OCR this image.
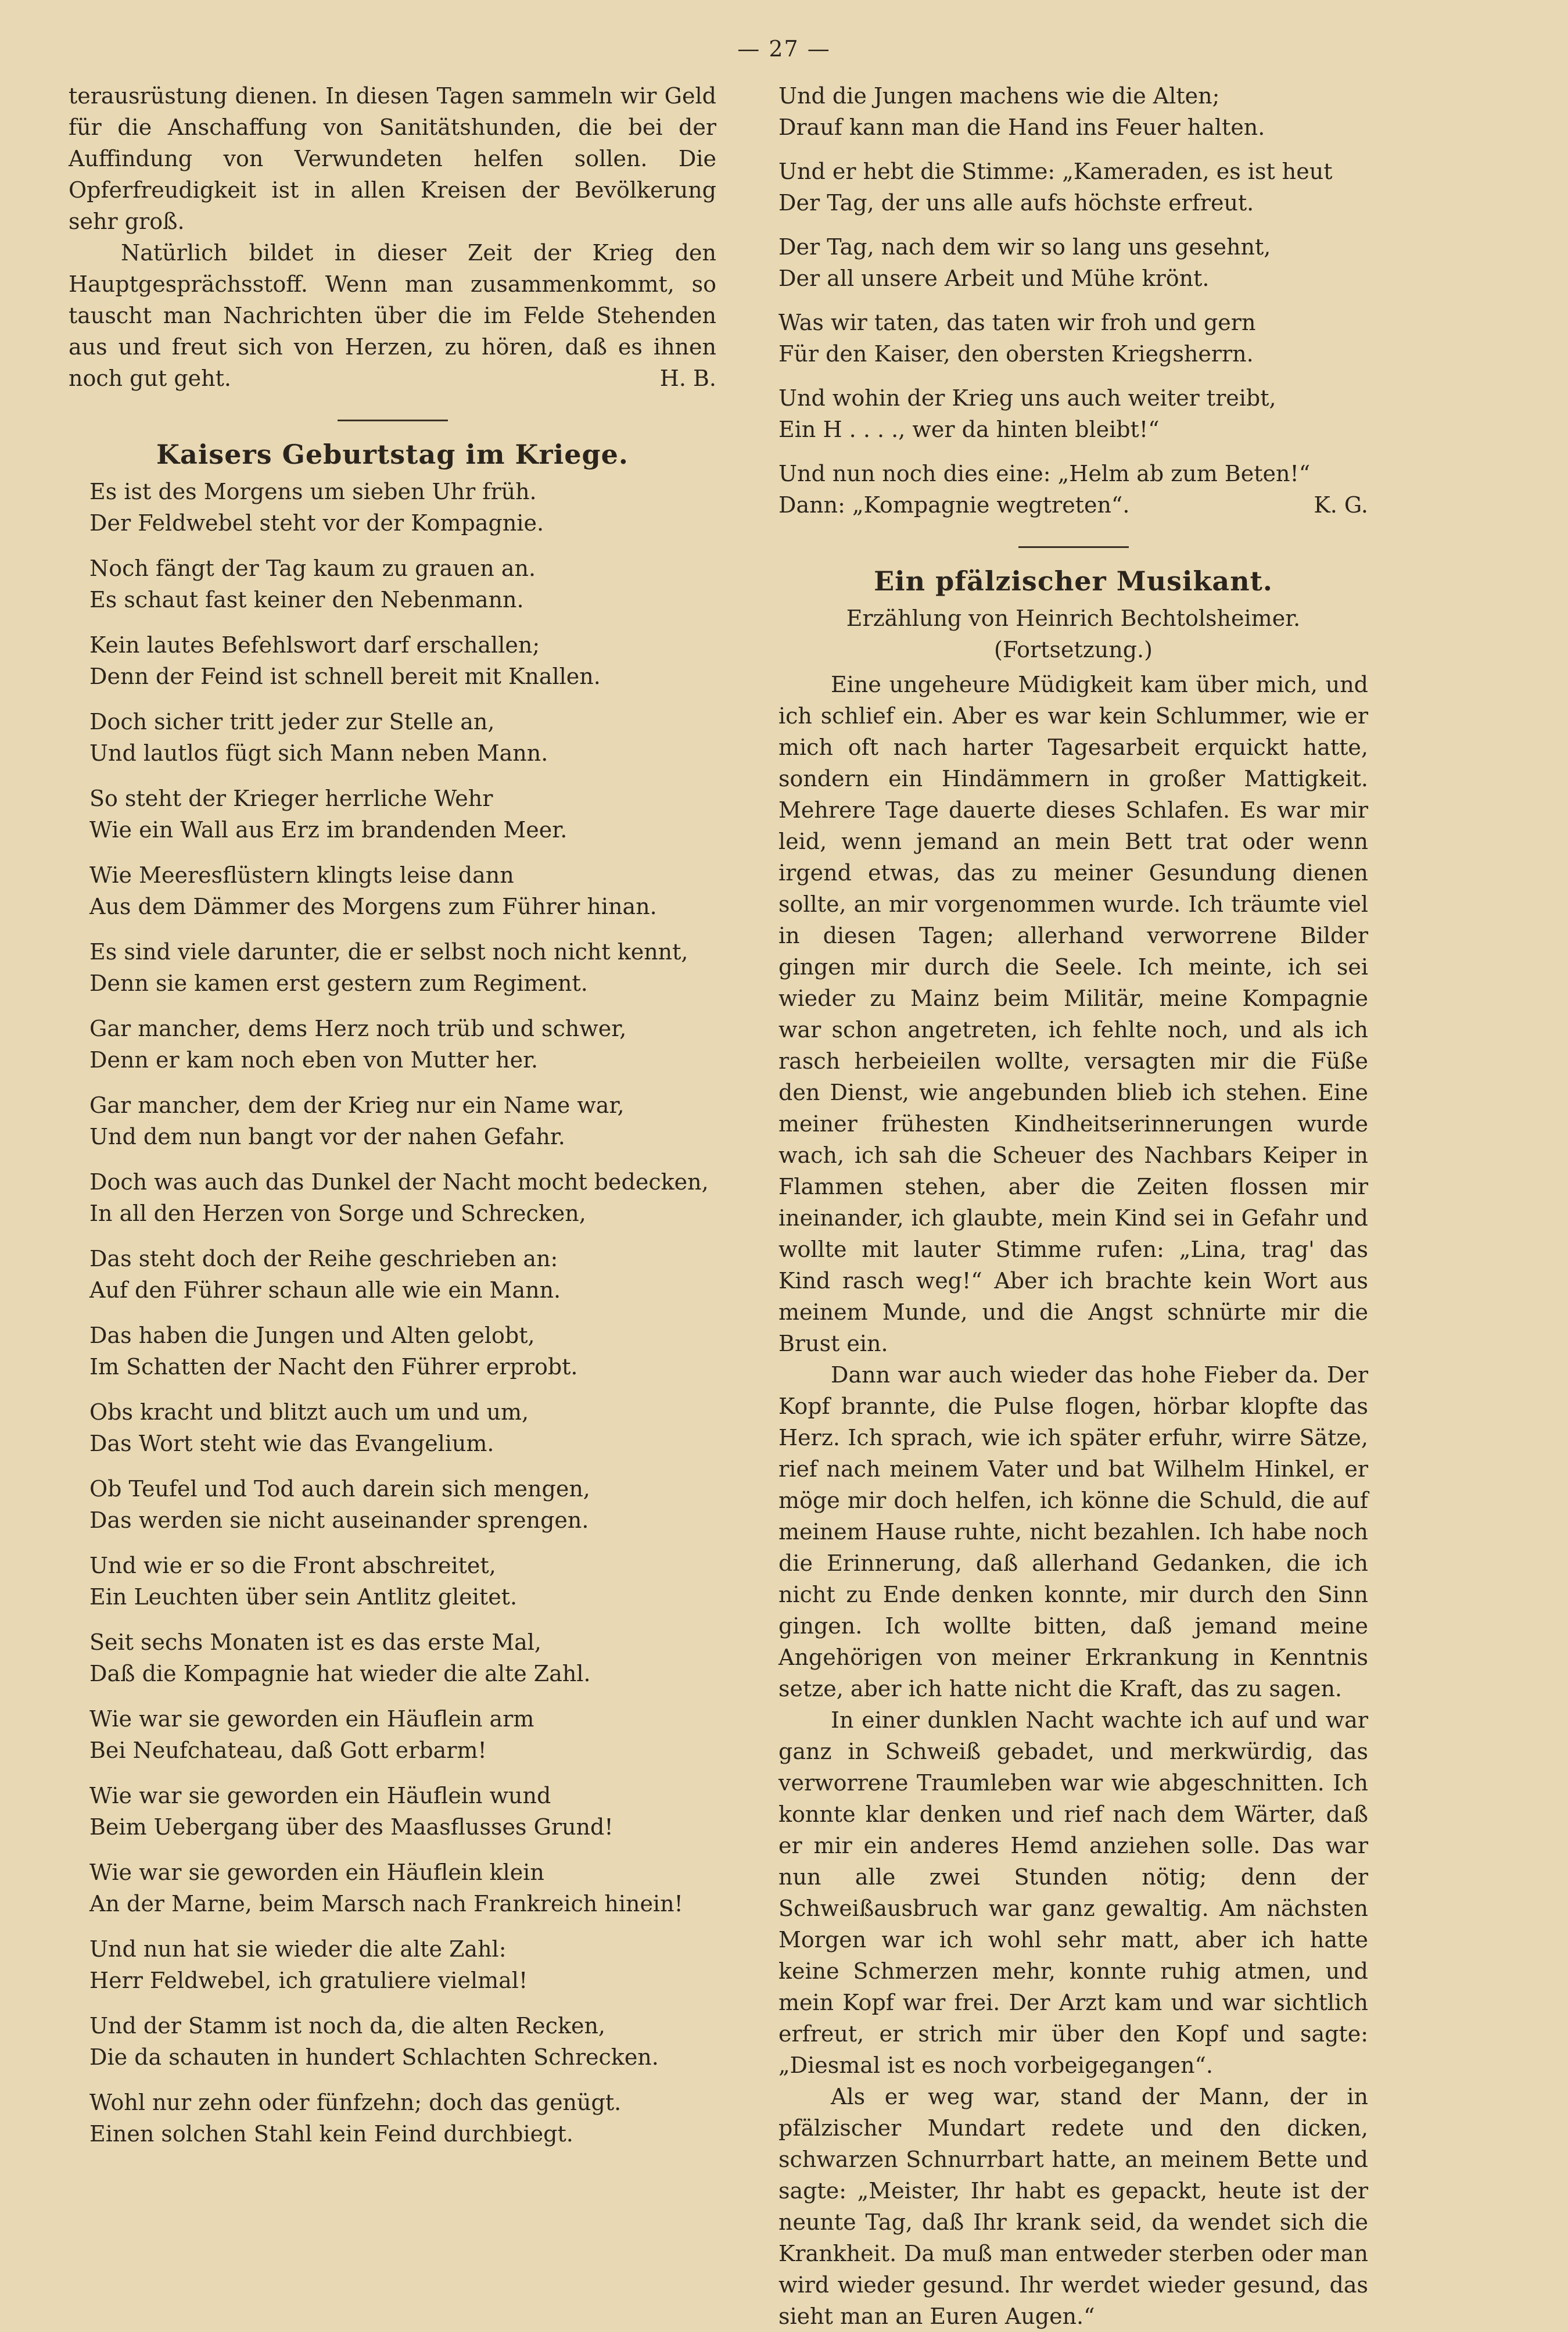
— 27 —

terausrüstung dienen. In diesen Tagen sammeln wir Geld für die Anschaffung von Sanitätshunden, die bei der Auffindung von Verwundeten helfen sollen. Die Opferfreudigkeit ist in allen Kreisen der Bevölkerung sehr groß.

Natürlich bildet in dieser Zeit der Krieg den Hauptgesprächsstoff. Wenn man zusammenkommt, so tauscht man Nachrichten über die im Felde Stehenden aus und freut sich von Herzen, zu hören, daß es ihnen noch gut geht.	H. B.

Kaisers Geburtstag im Kriege.
Es ist des Morgens um sieben Uhr früh.
Der Feldwebel steht vor der Kompagnie.
Noch fängt der Tag kaum zu grauen an.
Es schaut fast keiner den Nebenmann.
Kein lautes Befehlswort darf erschallen;
Denn der Feind ist schnell bereit mit Knallen.
Doch sicher tritt jeder zur Stelle an,
Und lautlos fügt sich Mann neben Mann.
So steht der Krieger herrliche Wehr
Wie ein Wall aus Erz im brandenden Meer.
Wie Meeresflüstern klingts leise dann
Aus dem Dämmer des Morgens zum Führer hinan.
Es sind viele darunter, die er selbst noch nicht kennt,
Denn sie kamen erst gestern zum Regiment.
Gar mancher, dems Herz noch trüb und schwer,
Denn er kam noch eben von Mutter her.
Gar mancher, dem der Krieg nur ein Name war,
Und dem nun bangt vor der nahen Gefahr.
Doch was auch das Dunkel der Nacht mocht bedecken,
In all den Herzen von Sorge und Schrecken,
Das steht doch der Reihe geschrieben an:
Auf den Führer schaun alle wie ein Mann.
Das haben die Jungen und Alten gelobt,
Im Schatten der Nacht den Führer erprobt.
Obs kracht und blitzt auch um und um,
Das Wort steht wie das Evangelium.
Ob Teufel und Tod auch darein sich mengen,
Das werden sie nicht auseinander sprengen.
Und wie er so die Front abschreitet,
Ein Leuchten über sein Antlitz gleitet.
Seit sechs Monaten ist es das erste Mal,
Daß die Kompagnie hat wieder die alte Zahl.
Wie war sie geworden ein Häuflein arm
Bei Neufchateau, daß Gott erbarm!
Wie war sie geworden ein Häuflein wund
Beim Uebergang über des Maasflusses Grund!
Wie war sie geworden ein Häuflein klein
An der Marne, beim Marsch nach Frankreich hinein!
Und nun hat sie wieder die alte Zahl:
Herr Feldwebel, ich gratuliere vielmal!
Und der Stamm ist noch da, die alten Recken,
Die da schauten in hundert Schlachten Schrecken.
Wohl nur zehn oder fünfzehn; doch das genügt.
Einen solchen Stahl kein Feind durchbiegt.
Und die Jungen machens wie die Alten;
Drauf kann man die Hand ins Feuer halten.
Und er hebt die Stimme: „Kameraden, es ist heut
Der Tag, der uns alle aufs höchste erfreut.
Der Tag, nach dem wir so lang uns gesehnt,
Der all unsere Arbeit und Mühe krönt.
Was wir taten, das taten wir froh und gern
Für den Kaiser, den obersten Kriegsherrn.
Und wohin der Krieg uns auch weiter treibt,
Ein H . . . ., wer da hinten bleibt!“
Und nun noch dies eine: „Helm ab zum Beten!“
Dann: „Kompagnie wegtreten“.	K. G.
Ein pfälzischer Musikant.

Erzählung von Heinrich Bechtolsheimer.

(Fortsetzung.)

Eine ungeheure Müdigkeit kam über mich, und ich schlief ein. Aber es war kein Schlummer, wie er mich oft nach harter Tagesarbeit erquickt hatte, sondern ein Hindämmern in großer Mattigkeit. Mehrere Tage dauerte dieses Schlafen. Es war mir leid, wenn jemand an mein Bett trat oder wenn irgend etwas, das zu meiner Gesundung dienen sollte, an mir vorgenommen wurde. Ich träumte viel in diesen Tagen; allerhand verworrene Bilder gingen mir durch die Seele. Ich meinte, ich sei wieder zu Mainz beim Militär, meine Kompagnie war schon angetreten, ich fehlte noch, und als ich rasch herbeieilen wollte, versagten mir die Füße den Dienst, wie angebunden blieb ich stehen. Eine meiner frühesten Kindheitserinnerungen wurde wach, ich sah die Scheuer des Nachbars Keiper in Flammen stehen, aber die Zeiten flossen mir ineinander, ich glaubte, mein Kind sei in Gefahr und wollte mit lauter Stimme rufen: „Lina, trag' das Kind rasch weg!“ Aber ich brachte kein Wort aus meinem Munde, und die Angst schnürte mir die Brust ein.

Dann war auch wieder das hohe Fieber da. Der Kopf brannte, die Pulse flogen, hörbar klopfte das Herz. Ich sprach, wie ich später erfuhr, wirre Sätze, rief nach meinem Vater und bat Wilhelm Hinkel, er möge mir doch helfen, ich könne die Schuld, die auf meinem Hause ruhte, nicht bezahlen. Ich habe noch die Erinnerung, daß allerhand Gedanken, die ich nicht zu Ende denken konnte, mir durch den Sinn gingen. Ich wollte bitten, daß jemand meine Angehörigen von meiner Erkrankung in Kenntnis setze, aber ich hatte nicht die Kraft, das zu sagen.

In einer dunklen Nacht wachte ich auf und war ganz in Schweiß gebadet, und merkwürdig, das verworrene Traumleben war wie abgeschnitten. Ich konnte klar denken und rief nach dem Wärter, daß er mir ein anderes Hemd anziehen solle. Das war nun alle zwei Stunden nötig; denn der Schweißausbruch war ganz gewaltig. Am nächsten Morgen war ich wohl sehr matt, aber ich hatte keine Schmerzen mehr, konnte ruhig atmen, und mein Kopf war frei. Der Arzt kam und war sichtlich erfreut, er strich mir über den Kopf und sagte: „Diesmal ist es noch vorbeigegangen“.

Als er weg war, stand der Mann, der in pfälzischer Mundart redete und den dicken, schwarzen Schnurrbart hatte, an meinem Bette und sagte: „Meister, Ihr habt es gepackt, heute ist der neunte Tag, daß Ihr krank seid, da wendet sich die Krankheit. Da muß man entweder sterben oder man wird wieder gesund. Ihr werdet wieder gesund, das sieht man an Euren Augen.“
